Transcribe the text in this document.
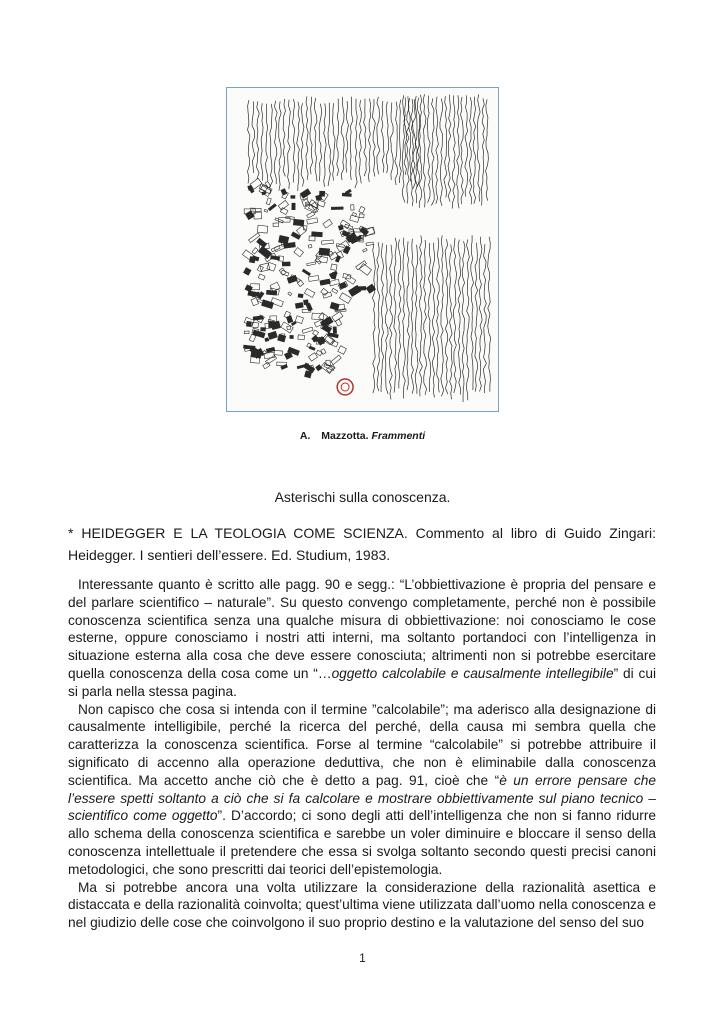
A. Mazzotta. Frammenti
Asterischi sulla conoscenza.
* HEIDEGGER E LA TEOLOGIA COME SCIENZA. Commento al libro di Guido Zingari: Heidegger. I sentieri dell’essere. Ed. Studium, 1983.

Interessante quanto è scritto alle pagg. 90 e segg.: “L’obbiettivazione è propria del pensare e del parlare scientifico – naturale”. Su questo convengo completamente, perché non è possibile conoscenza scientifica senza una qualche misura di obbiettivazione: noi conosciamo le cose esterne, oppure conosciamo i nostri atti interni, ma soltanto portandoci con l’intelligenza in situazione esterna alla cosa che deve essere conosciuta; altrimenti non si potrebbe esercitare quella conoscenza della cosa come un “…oggetto calcolabile e causalmente intellegibile” di cui si parla nella stessa pagina.

Non capisco che cosa si intenda con il termine ”calcolabile”; ma aderisco alla designazione di causalmente intelligibile, perché la ricerca del perché, della causa mi sembra quella che caratterizza la conoscenza scientifica. Forse al termine “calcolabile” si potrebbe attribuire il significato di accenno alla operazione deduttiva, che non è eliminabile dalla conoscenza scientifica. Ma accetto anche ciò che è detto a pag. 91, cioè che “è un errore pensare che l’essere spetti soltanto a ciò che si fa calcolare e mostrare obbiettivamente sul piano tecnico – scientifico come oggetto”. D’accordo; ci sono degli atti dell’intelligenza che non si fanno ridurre allo schema della conoscenza scientifica e sarebbe un voler diminuire e bloccare il senso della conoscenza intellettuale il pretendere che essa si svolga soltanto secondo questi precisi canoni metodologici, che sono prescritti dai teorici dell’epistemologia.

Ma si potrebbe ancora una volta utilizzare la considerazione della razionalità asettica e distaccata e della razionalità coinvolta; quest’ultima viene utilizzata dall’uomo nella conoscenza e nel giudizio delle cose che coinvolgono il suo proprio destino e la valutazione del senso del suo

1
